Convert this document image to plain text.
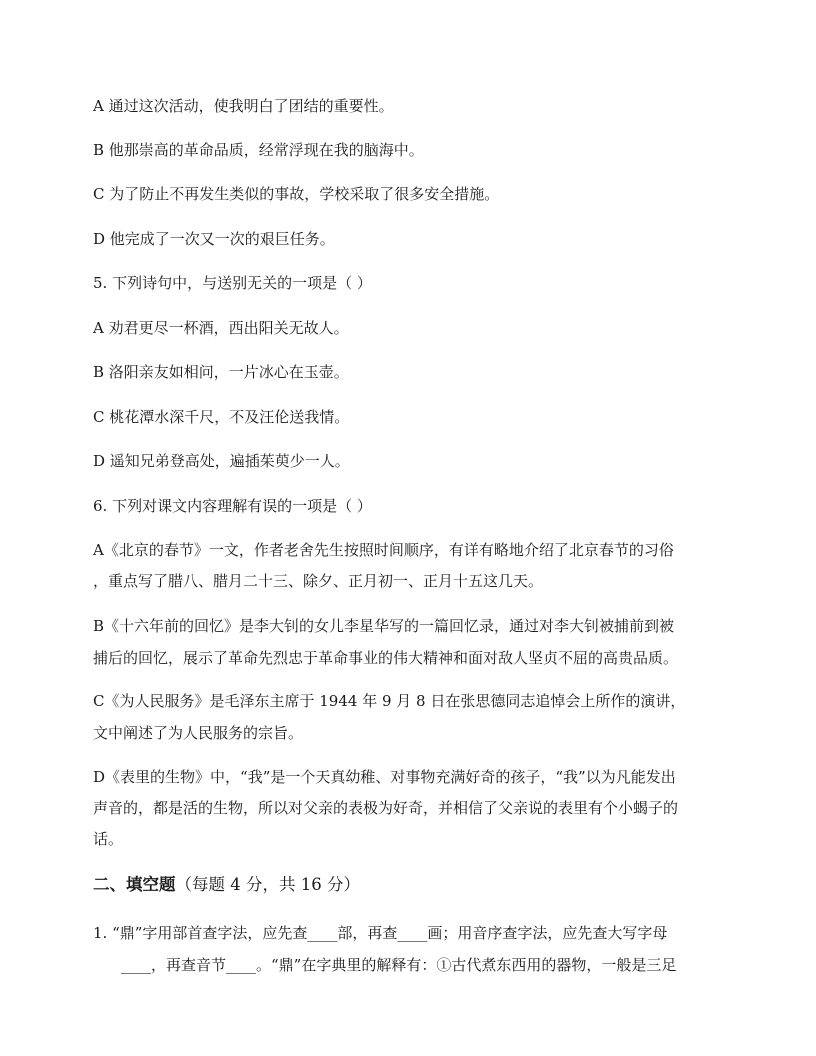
A 通过这次活动，使我明白了团结的重要性。
B 他那崇高的革命品质，经常浮现在我的脑海中。
C 为了防止不再发生类似的事故，学校采取了很多安全措施。
D 他完成了一次又一次的艰巨任务。
5. 下列诗句中，与送别无关的一项是（ ）
A 劝君更尽一杯酒，西出阳关无故人。
B 洛阳亲友如相问，一片冰心在玉壶。
C 桃花潭水深千尺，不及汪伦送我情。
D 遥知兄弟登高处，遍插茱萸少一人。
6. 下列对课文内容理解有误的一项是（ ）
A《北京的春节》一文，作者老舍先生按照时间顺序，有详有略地介绍了北京春节的习俗
，重点写了腊八、腊月二十三、除夕、正月初一、正月十五这几天。
B《十六年前的回忆》是李大钊的女儿李星华写的一篇回忆录，通过对李大钊被捕前到被
捕后的回忆，展示了革命先烈忠于革命事业的伟大精神和面对敌人坚贞不屈的高贵品质。
C《为人民服务》是毛泽东主席于 1944 年 9 月 8 日在张思德同志追悼会上所作的演讲，
文中阐述了为人民服务的宗旨。
D《表里的生物》中，“我”是一个天真幼稚、对事物充满好奇的孩子，“我”以为凡能发出
声音的，都是活的生物，所以对父亲的表极为好奇，并相信了父亲说的表里有个小蝎子的
话。
二、填空题（每题 4 分，共 16 分）
1. “鼎”字用部首查字法，应先查____部，再查____画；用音序查字法，应先查大写字母
____，再查音节____。“鼎”在字典里的解释有：①古代煮东西用的器物，一般是三足
